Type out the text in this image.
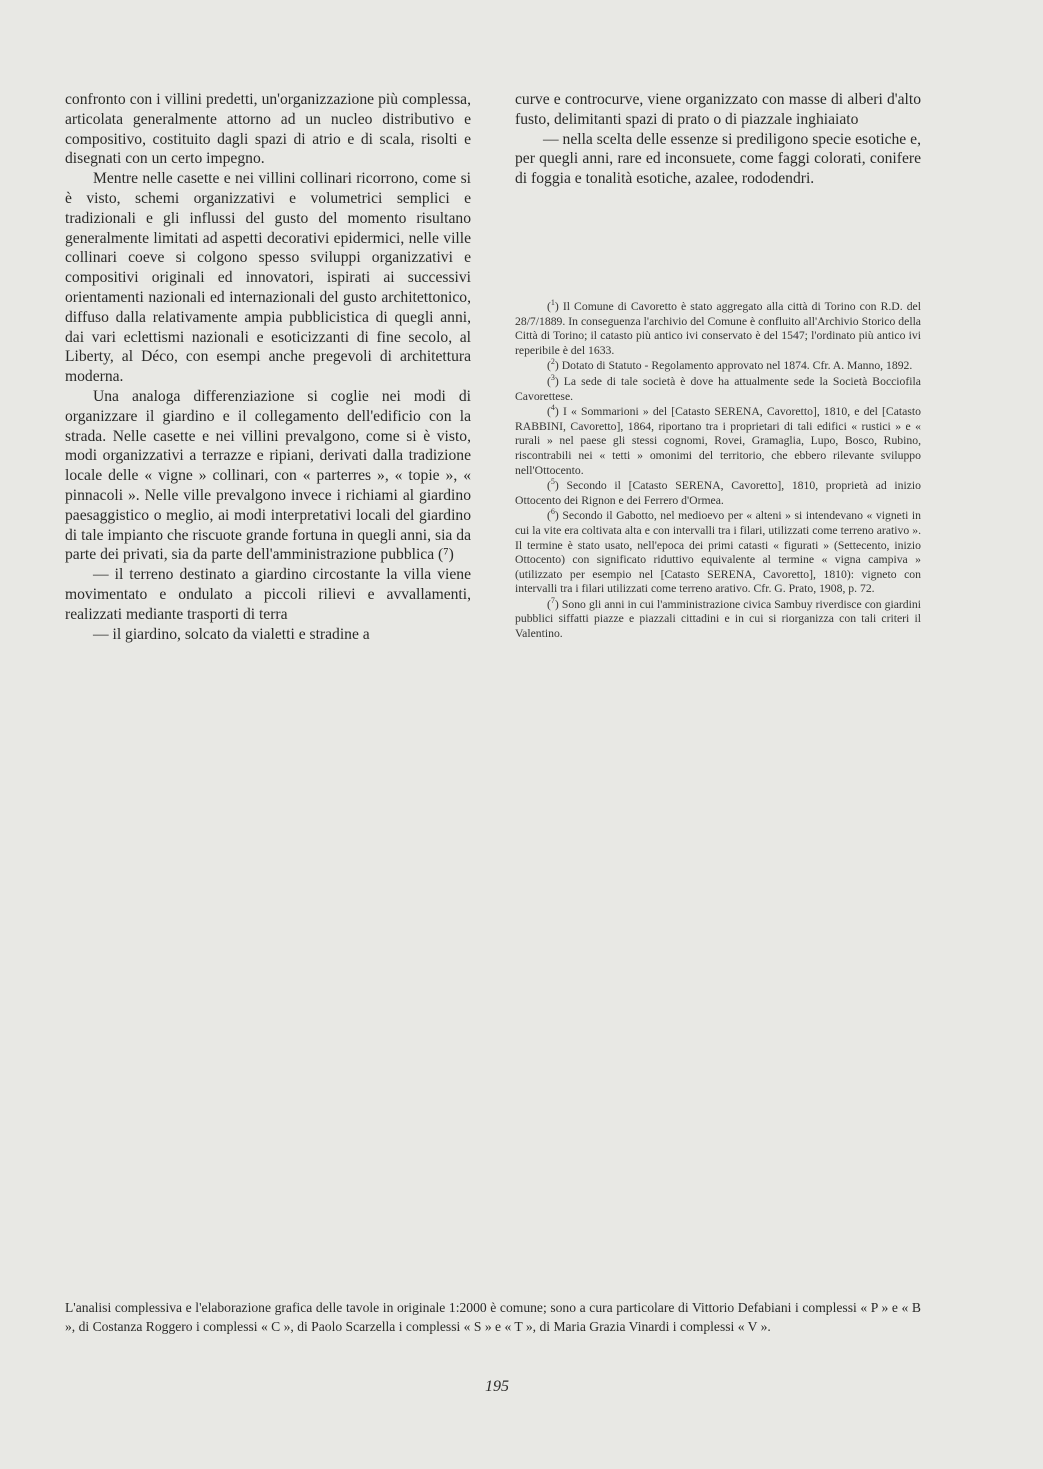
confronto con i villini predetti, un'organizzazione più complessa, articolata generalmente attorno ad un nucleo distributivo e compositivo, costituito dagli spazi di atrio e di scala, risolti e disegnati con un certo impegno.

Mentre nelle casette e nei villini collinari ricorrono, come si è visto, schemi organizzativi e volumetrici semplici e tradizionali e gli influssi del gusto del momento risultano generalmente limitati ad aspetti decorativi epidermici, nelle ville collinari coeve si colgono spesso sviluppi organizzativi e compositivi originali ed innovatori, ispirati ai successivi orientamenti nazionali ed internazionali del gusto architettonico, diffuso dalla relativamente ampia pubblicistica di quegli anni, dai vari eclettismi nazionali e esoticizzanti di fine secolo, al Liberty, al Déco, con esempi anche pregevoli di architettura moderna.

Una analoga differenziazione si coglie nei modi di organizzare il giardino e il collegamento dell'edificio con la strada. Nelle casette e nei villini prevalgono, come si è visto, modi organizzativi a terrazze e ripiani, derivati dalla tradizione locale delle « vigne » collinari, con « parterres », « topie », « pinnacoli ». Nelle ville prevalgono invece i richiami al giardino paesaggistico o meglio, ai modi interpretativi locali del giardino di tale impianto che riscuote grande fortuna in quegli anni, sia da parte dei privati, sia da parte dell'amministrazione pubblica (⁷)

— il terreno destinato a giardino circostante la villa viene movimentato e ondulato a piccoli rilievi e avvallamenti, realizzati mediante trasporti di terra

— il giardino, solcato da vialetti e stradine a

curve e controcurve, viene organizzato con masse di alberi d'alto fusto, delimitanti spazi di prato o di piazzale inghiaiato

— nella scelta delle essenze si prediligono specie esotiche e, per quegli anni, rare ed inconsuete, come faggi colorati, conifere di foggia e tonalità esotiche, azalee, rododendri.

($^1$) Il Comune di Cavoretto è stato aggregato alla città di Torino con R.D. del 28/7/1889. In conseguenza l'archivio del Comune è confluito all'Archivio Storico della Città di Torino; il catasto più antico ivi conservato è del 1547; l'ordinato più antico ivi reperibile è del 1633.

($^2$) Dotato di Statuto - Regolamento approvato nel 1874. Cfr. A. Manno, 1892.

($^3$) La sede di tale società è dove ha attualmente sede la Società Bocciofila Cavorettese.

($^4$) I « Sommarioni » del [Catasto SERENA, Cavoretto], 1810, e del [Catasto RABBINI, Cavoretto], 1864, riportano tra i proprietari di tali edifici « rustici » e « rurali » nel paese gli stessi cognomi, Rovei, Gramaglia, Lupo, Bosco, Rubino, riscontrabili nei « tetti » omonimi del territorio, che ebbero rilevante sviluppo nell'Ottocento.

($^5$) Secondo il [Catasto SERENA, Cavoretto], 1810, proprietà ad inizio Ottocento dei Rignon e dei Ferrero d'Ormea.

($^6$) Secondo il Gabotto, nel medioevo per « alteni » si intendevano « vigneti in cui la vite era coltivata alta e con intervalli tra i filari, utilizzati come terreno arativo ». Il termine è stato usato, nell'epoca dei primi catasti « figurati » (Settecento, inizio Ottocento) con significato riduttivo equivalente al termine « vigna campiva » (utilizzato per esempio nel [Catasto SERENA, Cavoretto], 1810): vigneto con intervalli tra i filari utilizzati come terreno arativo. Cfr. G. Prato, 1908, p. 72.

($^7$) Sono gli anni in cui l'amministrazione civica Sambuy riverdisce con giardini pubblici siffatti piazze e piazzali cittadini e in cui si riorganizza con tali criteri il Valentino.

L'analisi complessiva e l'elaborazione grafica delle tavole in originale 1:2000 è comune; sono a cura particolare di Vittorio Defabiani i complessi « P » e « B », di Costanza Roggero i complessi « C », di Paolo Scarzella i complessi « S » e « T », di Maria Grazia Vinardi i complessi « V ».

195
